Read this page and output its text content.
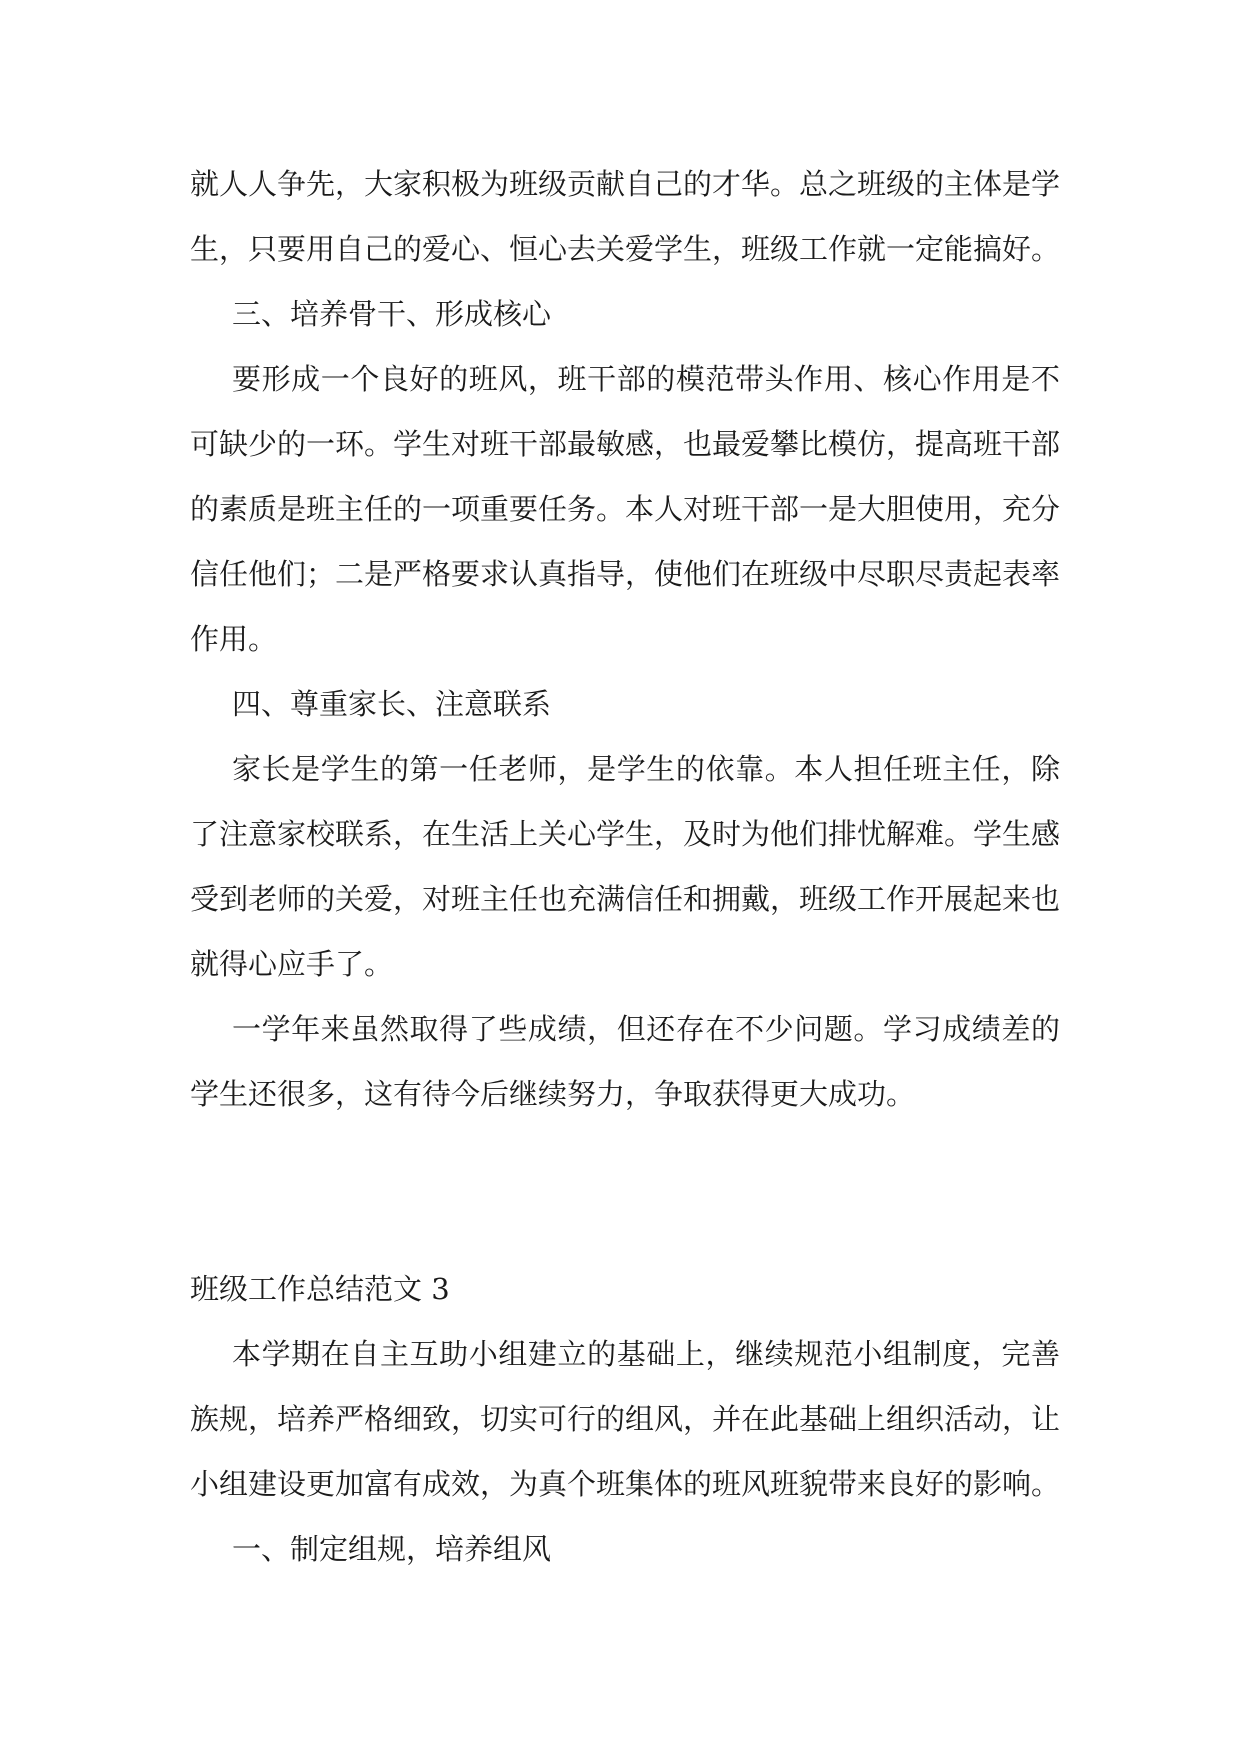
就人人争先，大家积极为班级贡献自己的才华。总之班级的主体是学生，只要用自己的爱心、恒心去关爱学生，班级工作就一定能搞好。

三、培养骨干、形成核心

要形成一个良好的班风，班干部的模范带头作用、核心作用是不可缺少的一环。学生对班干部最敏感，也最爱攀比模仿，提高班干部的素质是班主任的一项重要任务。本人对班干部一是大胆使用，充分信任他们；二是严格要求认真指导，使他们在班级中尽职尽责起表率作用。

四、尊重家长、注意联系

家长是学生的第一任老师，是学生的依靠。本人担任班主任，除了注意家校联系，在生活上关心学生，及时为他们排忧解难。学生感受到老师的关爱，对班主任也充满信任和拥戴，班级工作开展起来也就得心应手了。

一学年来虽然取得了些成绩，但还存在不少问题。学习成绩差的学生还很多，这有待今后继续努力，争取获得更大成功。

班级工作总结范文 3

本学期在自主互助小组建立的基础上，继续规范小组制度，完善族规，培养严格细致，切实可行的组风，并在此基础上组织活动，让小组建设更加富有成效，为真个班集体的班风班貌带来良好的影响。

一、制定组规，培养组风
